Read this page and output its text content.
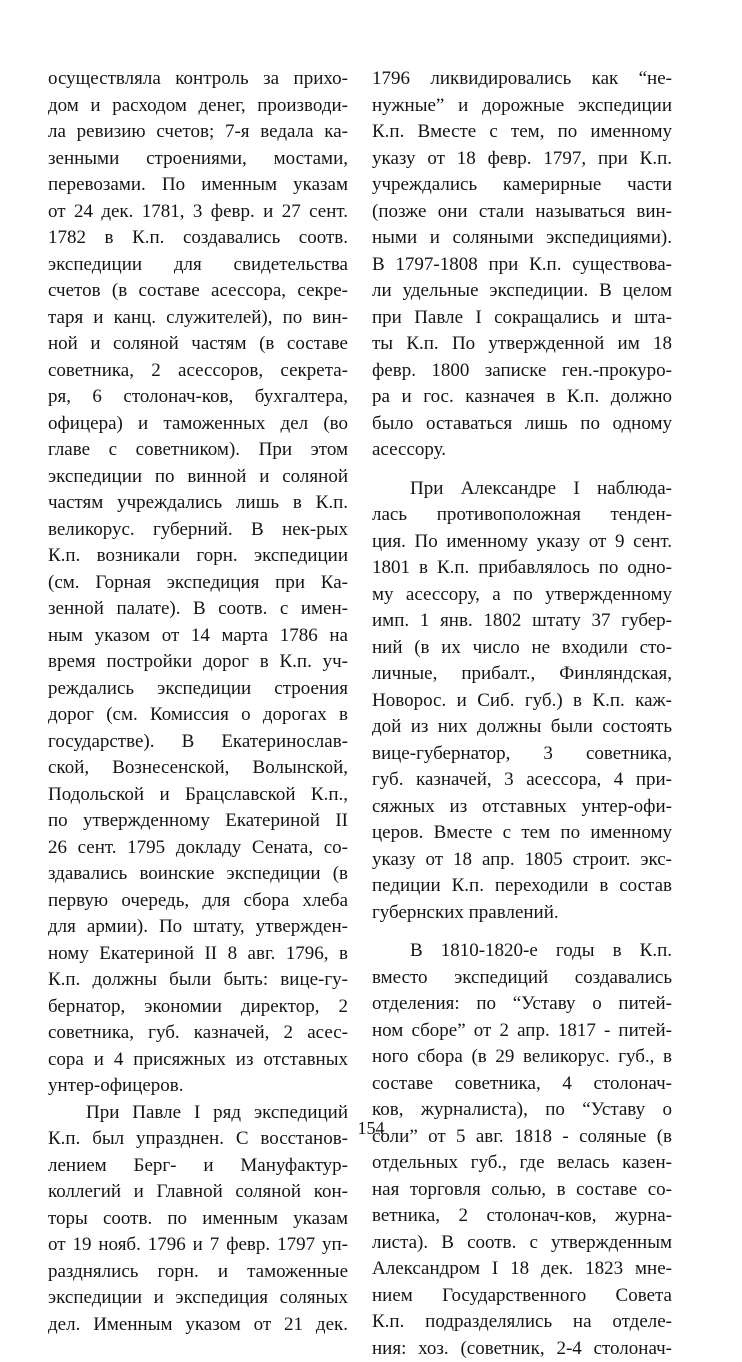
осуществляла контроль за прихо-
дом и расходом денег, производи-
ла ревизию счетов; 7-я ведала ка-
зенными строениями, мостами,
перевозами. По именным указам
от 24 дек. 1781, 3 февр. и 27 сент.
1782 в К.п. создавались соотв.
экспедиции для свидетельства
счетов (в составе асессора, секре-
таря и канц. служителей), по вин-
ной и соляной частям (в составе
советника, 2 асессоров, секрета-
ря, 6 столонач-ков, бухгалтера,
офицера) и таможенных дел (во
главе с советником). При этом
экспедиции по винной и соляной
частям учреждались лишь в К.п.
великорус. губерний. В нек-рых
К.п. возникали горн. экспедиции
(см. Горная экспедиция при Ка-
зенной палате). В соотв. с имен-
ным указом от 14 марта 1786 на
время постройки дорог в К.п. уч-
реждались экспедиции строения
дорог (см. Комиссия о дорогах в
государстве). В Екатеринослав-
ской, Вознесенской, Волынской,
Подольской и Брацславской К.п.,
по утвержденному Екатериной II
26 сент. 1795 докладу Сената, со-
здавались воинские экспедиции (в
первую очередь, для сбора хлеба
для армии). По штату, утвержден-
ному Екатериной II 8 авг. 1796, в
К.п. должны были быть: вице-гу-
бернатор, экономии директор, 2
советника, губ. казначей, 2 асес-
сора и 4 присяжных из отставных
унтер-офицеров.
При Павле I ряд экспедиций
К.п. был упразднен. С восстанов-
лением Берг- и Мануфактур-
коллегий и Главной соляной кон-
торы соотв. по именным указам
от 19 нояб. 1796 и 7 февр. 1797 уп-
разднялись горн. и таможенные
экспедиции и экспедиция соляных
дел. Именным указом от 21 дек.
1796 ликвидировались как “не-
нужные” и дорожные экспедиции
К.п. Вместе с тем, по именному
указу от 18 февр. 1797, при К.п.
учреждались камерирные части
(позже они стали называться вин-
ными и соляными экспедициями).
В 1797-1808 при К.п. существова-
ли удельные экспедиции. В целом
при Павле I сокращались и шта-
ты К.п. По утвержденной им 18
февр. 1800 записке ген.-прокуро-
ра и гос. казначея в К.п. должно
было оставаться лишь по одному
асессору.
При Александре I наблюда-
лась противоположная тенден-
ция. По именному указу от 9 сент.
1801 в К.п. прибавлялось по одно-
му асессору, а по утвержденному
имп. 1 янв. 1802 штату 37 губер-
ний (в их число не входили сто-
личные, прибалт., Финляндская,
Новорос. и Сиб. губ.) в К.п. каж-
дой из них должны были состоять
вице-губернатор, 3 советника,
губ. казначей, 3 асессора, 4 при-
сяжных из отставных унтер-офи-
церов. Вместе с тем по именному
указу от 18 апр. 1805 строит. экс-
педиции К.п. переходили в состав
губернских правлений.
В 1810-1820-е годы в К.п.
вместо экспедиций создавались
отделения: по “Уставу о питей-
ном сборе” от 2 апр. 1817 - питей-
ного сбора (в 29 великорус. губ., в
составе советника, 4 столонач-
ков, журналиста), по “Уставу о
соли” от 5 авг. 1818 - соляные (в
отдельных губ., где велась казен-
ная торговля солью, в составе со-
ветника, 2 столонач-ков, журна-
листа). В соотв. с утвержденным
Александром I 18 дек. 1823 мне-
нием Государственного Совета
К.п. подразделялись на отделе-
ния: хоз. (советник, 2-4 столонач-
154
